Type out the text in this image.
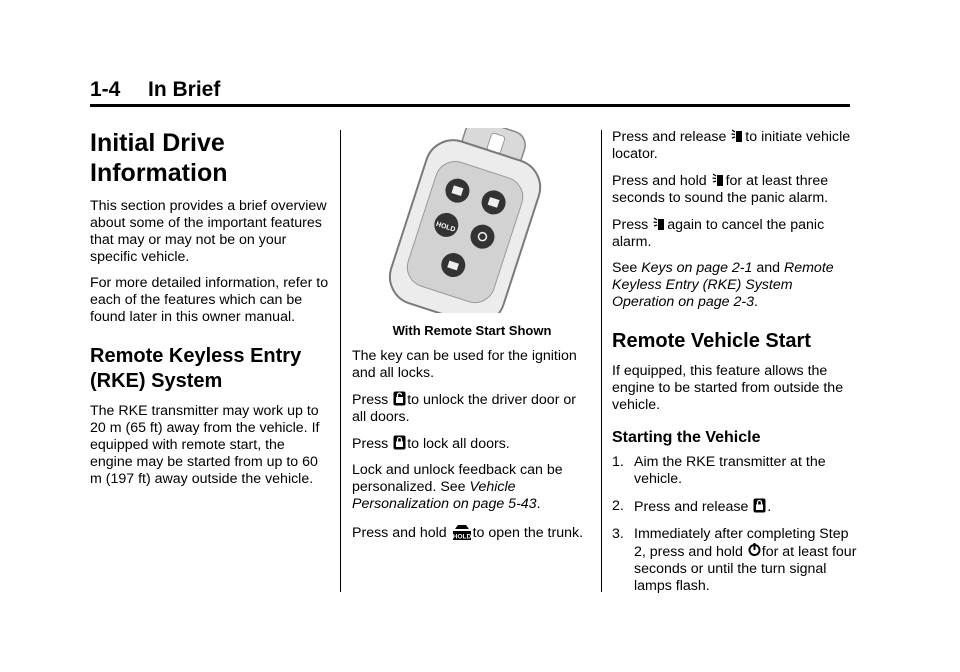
1-4 In Brief
Initial Drive Information

This section provides a brief overview about some of the important features that may or may not be on your specific vehicle.

For more detailed information, refer to each of the features which can be found later in this owner manual.

Remote Keyless Entry (RKE) System

The RKE transmitter may work up to 20 m (65 ft) away from the vehicle. If equipped with remote start, the engine may be started from up to 60 m (197 ft) away outside the vehicle.

HOLD
With Remote Start Shown

The key can be used for the ignition and all locks.

Press to unlock the driver door or all doors.

Press to lock all doors.

Lock and unlock feedback can be personalized. See Vehicle Personalization on page 5-43.

Press and hold HOLD to open the trunk.

Press and release to initiate vehicle locator.

Press and hold for at least three seconds to sound the panic alarm.

Press again to cancel the panic alarm.

See Keys on page 2-1 and Remote Keyless Entry (RKE) System Operation on page 2-3.

Remote Vehicle Start

If equipped, this feature allows the engine to be started from outside the vehicle.

Starting the Vehicle
1. Aim the RKE transmitter at the vehicle.
2. Press and release .
3. Immediately after completing Step 2, press and hold for at least four seconds or until the turn signal lamps flash.
